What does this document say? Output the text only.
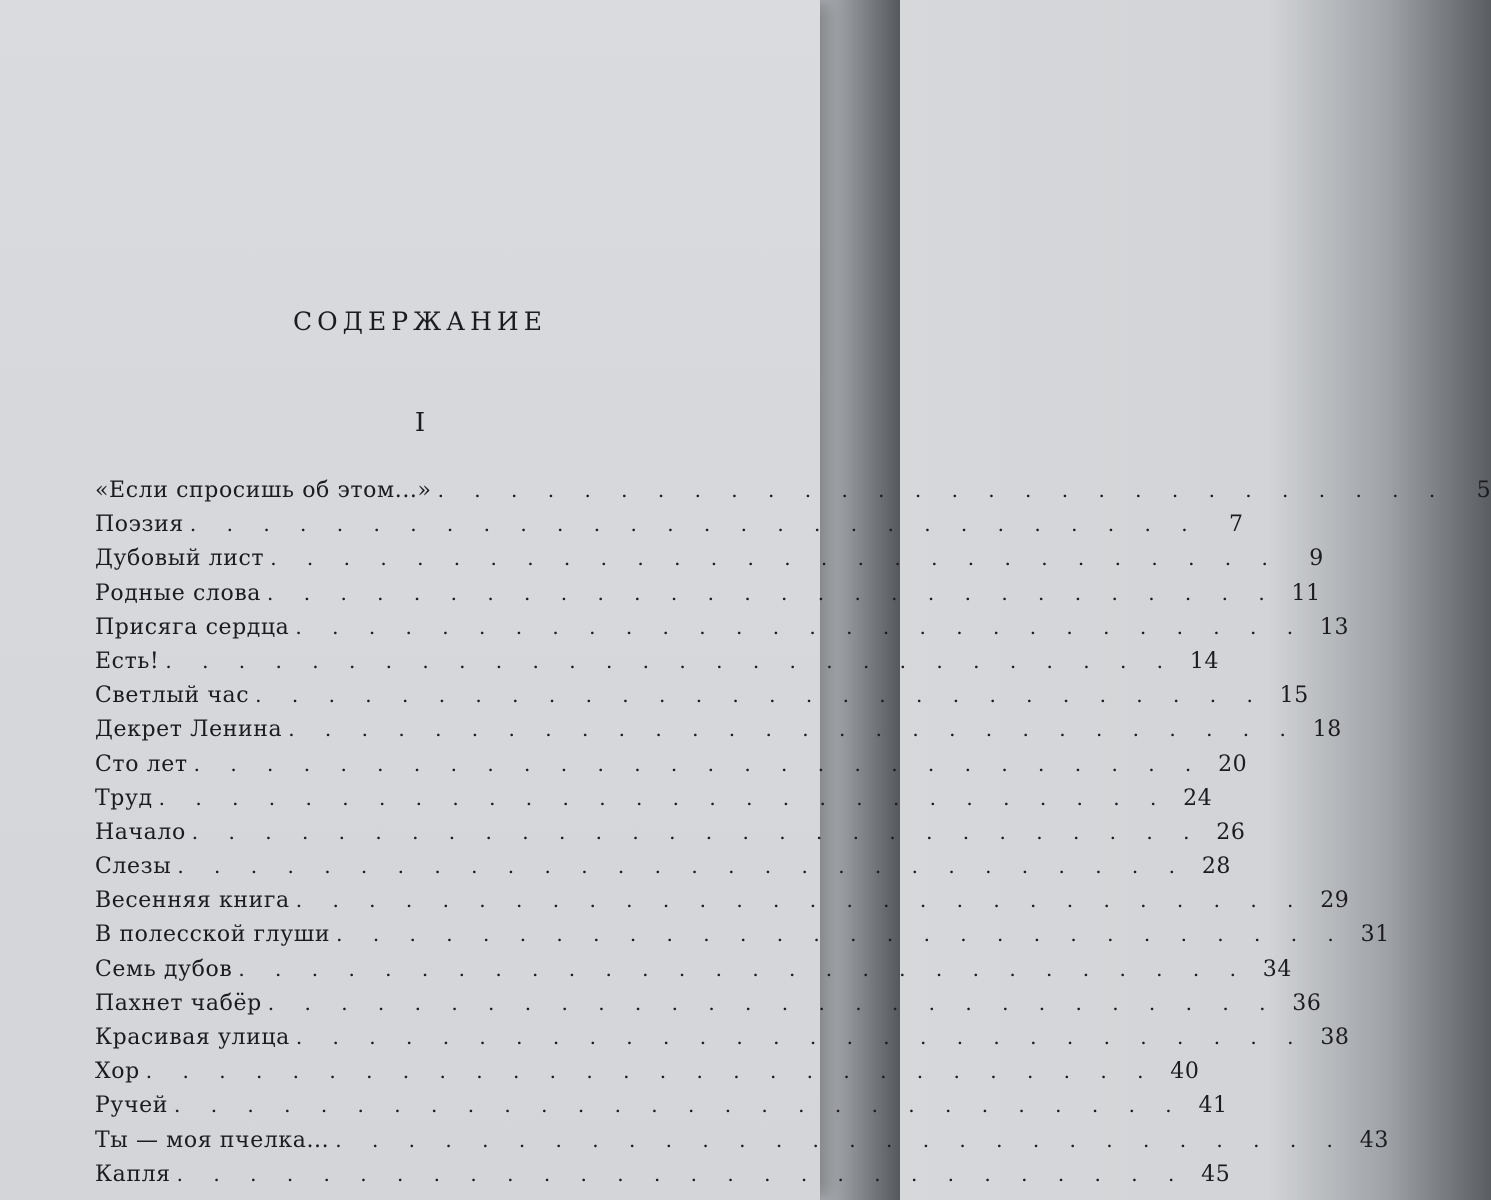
СОДЕРЖАНИЕ
I
«Если спросишь об этом...» . . . . . . . . . . . . . . . . . . . . . . . . . . . .	5
Поэзия . . . . . . . . . . . . . . . . . . . . . . . . . . . .	7
Дубовый лист . . . . . . . . . . . . . . . . . . . . . . . . . . . .	9
Родные слова . . . . . . . . . . . . . . . . . . . . . . . . . . . . 11
Присяга сердца . . . . . . . . . . . . . . . . . . . . . . . . . . . . 13
Есть! . . . . . . . . . . . . . . . . . . . . . . . . . . . . 14
Светлый час . . . . . . . . . . . . . . . . . . . . . . . . . . . . 15
Декрет Ленина . . . . . . . . . . . . . . . . . . . . . . . . . . . . 18
Сто лет . . . . . . . . . . . . . . . . . . . . . . . . . . . . 20
Труд . . . . . . . . . . . . . . . . . . . . . . . . . . . . 24
Начало . . . . . . . . . . . . . . . . . . . . . . . . . . . . 26
Слезы . . . . . . . . . . . . . . . . . . . . . . . . . . . . 28
Весенняя книга . . . . . . . . . . . . . . . . . . . . . . . . . . . . 29
В полесской глуши . . . . . . . . . . . . . . . . . . . . . . . . . . . . 31
Семь дубов . . . . . . . . . . . . . . . . . . . . . . . . . . . . 34
Пахнет чабёр . . . . . . . . . . . . . . . . . . . . . . . . . . . . 36
Красивая улица . . . . . . . . . . . . . . . . . . . . . . . . . . . . 38
Хор . . . . . . . . . . . . . . . . . . . . . . . . . . . . 40
Ручей . . . . . . . . . . . . . . . . . . . . . . . . . . . . 41
Ты — моя пчелка... . . . . . . . . . . . . . . . . . . . . . . . . . . . . 43
Капля . . . . . . . . . . . . . . . . . . . . . . . . . . . . 45
